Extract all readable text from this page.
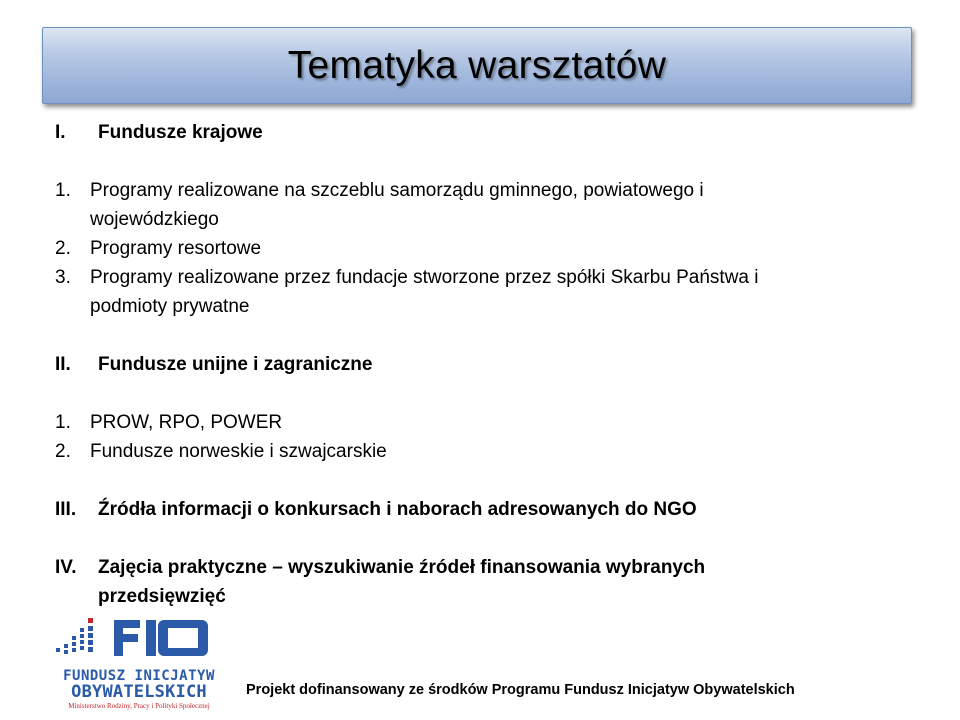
Tematyka warsztatów
I.	Fundusze krajowe
1.	Programy realizowane na szczeblu samorządu gminnego, powiatowego i
wojewódzkiego
2.	Programy resortowe
3.	Programy realizowane przez fundacje stworzone przez spółki Skarbu Państwa i
podmioty prywatne
II.	Fundusze unijne i zagraniczne
1.	PROW, RPO, POWER
2.	Fundusze norweskie i szwajcarskie
III.	Źródła informacji o konkursach i naborach adresowanych do NGO
IV.	Zajęcia praktyczne – wyszukiwanie źródeł finansowania wybranych
przedsięwzięć
FUNDUSZ INICJATYW
OBYWATELSKICH
Ministerstwo Rodziny, Pracy i Polityki Społecznej
Projekt dofinansowany ze środków Programu Fundusz Inicjatyw Obywatelskich
